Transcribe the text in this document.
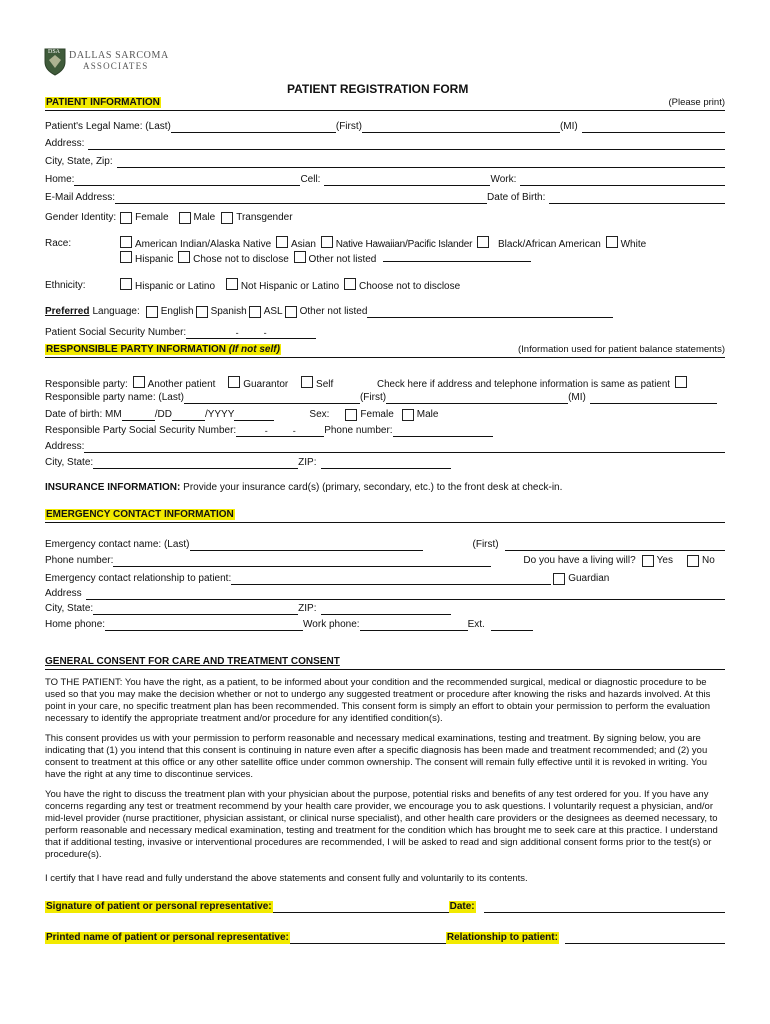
DSA DALLAS SARCOMA
ASSOCIATES
PATIENT REGISTRATION FORM
PATIENT INFORMATION	(Please print)
Patient's Legal Name: (Last)	(First)	(MI)
Address:
City, State, Zip:
Home:	Cell:	Work:
E-Mail Address:	Date of Birth:
Gender Identity: Female	Male Transgender
Race:	American Indian/Alaska Native Asian Native Hawaiian/Pacific Islander	Black/African American White
Hispanic Chose not to disclose Other not listed
Ethnicity:	Hispanic or Latino	Not Hispanic or Latino Choose not to disclose
Preferred Language: English Spanish ASL Other not listed
Patient Social Security Number:	-          -
RESPONSIBLE PARTY INFORMATION (If not self)	(Information used for patient balance statements)
Responsible party: Another patient	Guarantor	Self	Check here if address and telephone information is same as patient
Responsible party name: (Last)	(First)	(MI)
Date of birth: MM	/DD	/YYYY	Sex:	Female Male
Responsible Party Social Security Number:	-          -	Phone number:
Address:
City, State:	ZIP:
INSURANCE INFORMATION: Provide your insurance card(s) (primary, secondary, etc.) to the front desk at check-in.
EMERGENCY CONTACT INFORMATION
Emergency contact name: (Last)	(First)
Phone number:	Do you have a living will? Yes	No
Emergency contact relationship to patient:	Guardian
Address
City, State:	ZIP:
Home phone:	Work phone:	Ext.
GENERAL CONSENT FOR CARE AND TREATMENT CONSENT
TO THE PATIENT: You have the right, as a patient, to be informed about your condition and the recommended surgical, medical or diagnostic procedure to be used so that you may make the decision whether or not to undergo any suggested treatment or procedure after knowing the risks and hazards involved. At this point in your care, no specific treatment plan has been recommended. This consent form is simply an effort to obtain your permission to perform the evaluation necessary to identify the appropriate treatment and/or procedure for any identified condition(s).
This consent provides us with your permission to perform reasonable and necessary medical examinations, testing and treatment. By signing below, you are indicating that (1) you intend that this consent is continuing in nature even after a specific diagnosis has been made and treatment recommended; and (2) you consent to treatment at this office or any other satellite office under common ownership. The consent will remain fully effective until it is revoked in writing. You have the right at any time to discontinue services.
You have the right to discuss the treatment plan with your physician about the purpose, potential risks and benefits of any test ordered for you. If you have any concerns regarding any test or treatment recommend by your health care provider, we encourage you to ask questions. I voluntarily request a physician, and/or mid-level provider (nurse practitioner, physician assistant, or clinical nurse specialist), and other health care providers or the designees as deemed necessary, to perform reasonable and necessary medical examination, testing and treatment for the condition which has brought me to seek care at this practice. I understand that if additional testing, invasive or interventional procedures are recommended, I will be asked to read and sign additional consent forms prior to the test(s) or procedure(s).
I certify that I have read and fully understand the above statements and consent fully and voluntarily to its contents.
Signature of patient or personal representative:	Date:
Printed name of patient or personal representative:	Relationship to patient:
